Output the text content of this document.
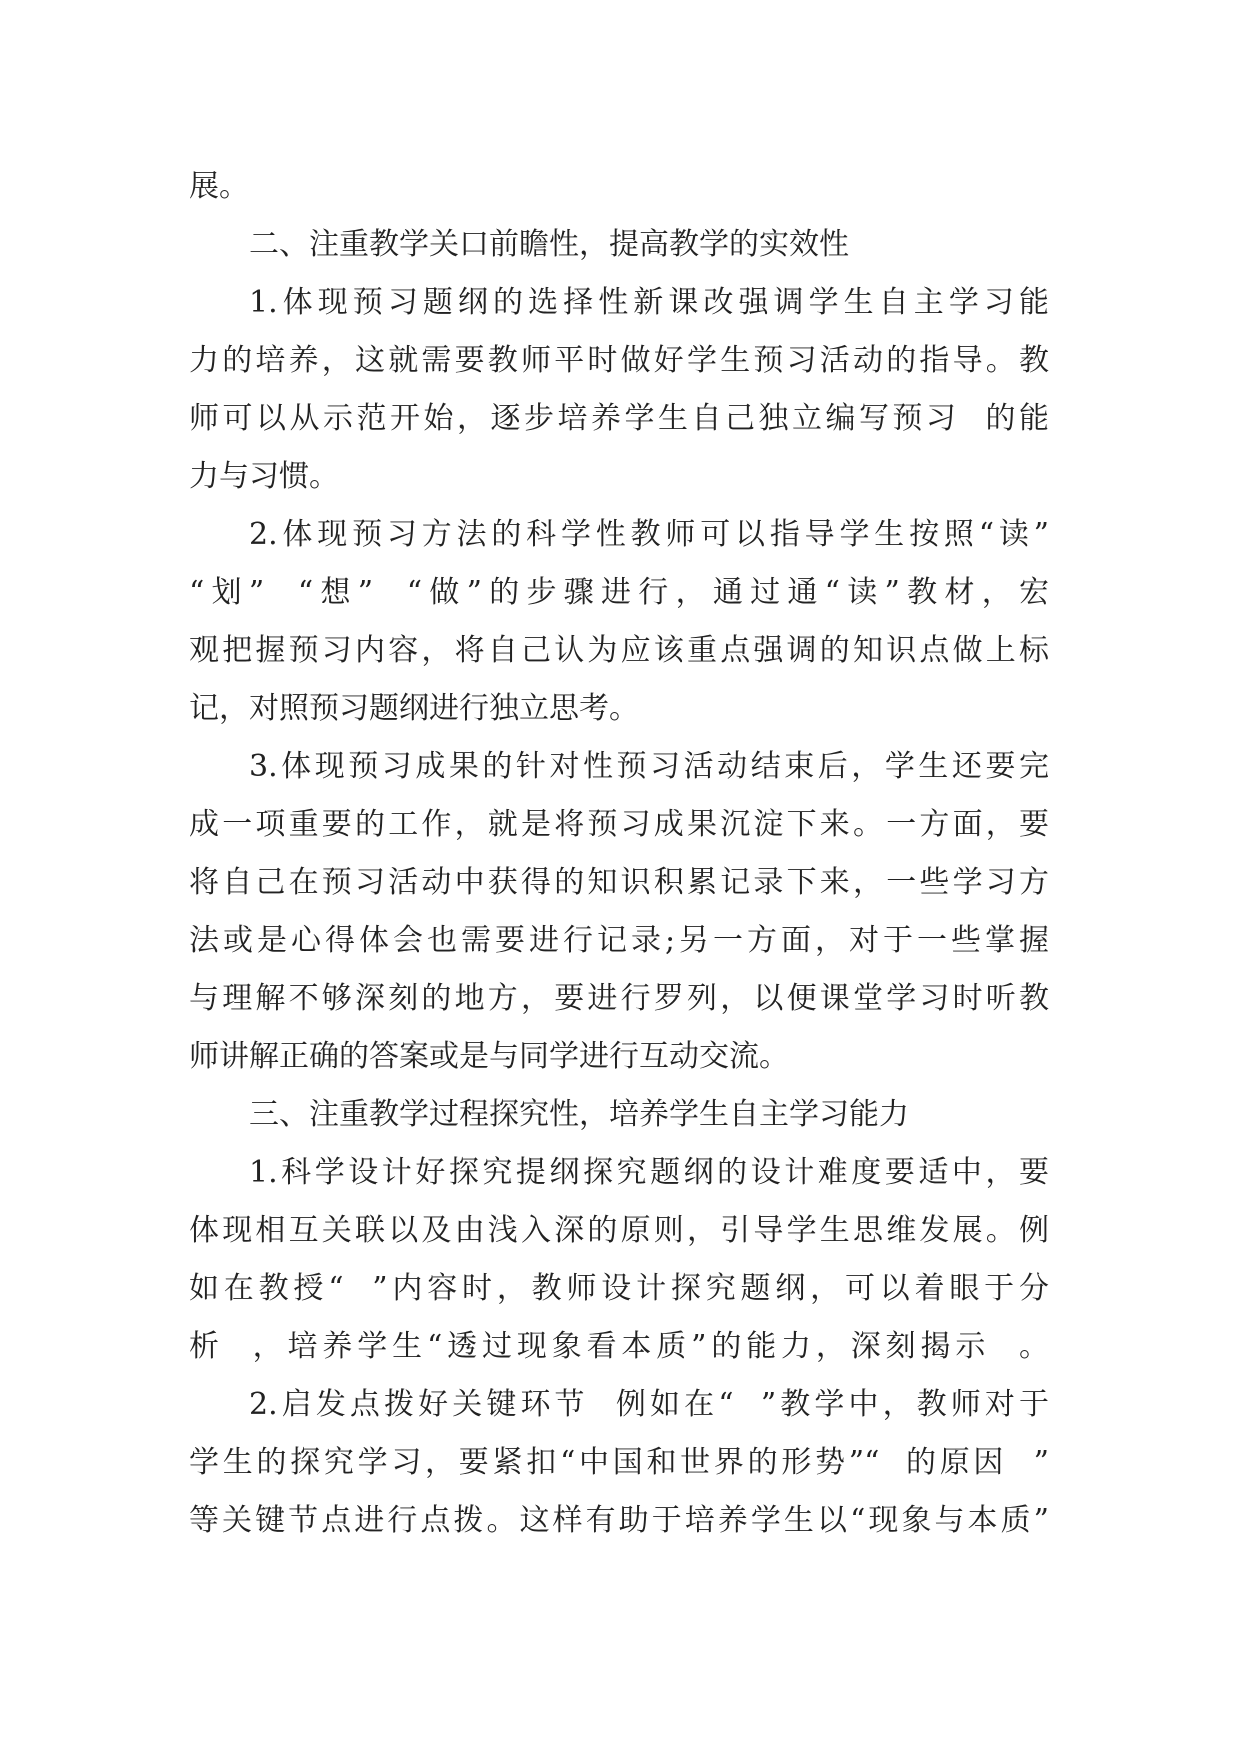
展。
二、注重教学关口前瞻性，提高教学的实效性
1.体现预习题纲的选择性新课改强调学生自主学习能
力的培养，这就需要教师平时做好学生预习活动的指导。教
师可以从示范开始，逐步培养学生自己独立编写预习  的能
力与习惯。
2.体现预习方法的科学性教师可以指导学生按照“读”
“划”  “想”  “做”的步骤进行，通过通“读”教材，宏
观把握预习内容，将自己认为应该重点强调的知识点做上标
记，对照预习题纲进行独立思考。
3.体现预习成果的针对性预习活动结束后，学生还要完
成一项重要的工作，就是将预习成果沉淀下来。一方面，要
将自己在预习活动中获得的知识积累记录下来，一些学习方
法或是心得体会也需要进行记录;另一方面，对于一些掌握
与理解不够深刻的地方，要进行罗列，以便课堂学习时听教
师讲解正确的答案或是与同学进行互动交流。
三、注重教学过程探究性，培养学生自主学习能力
1.科学设计好探究提纲探究题纲的设计难度要适中，要
体现相互关联以及由浅入深的原则，引导学生思维发展。例
如在教授“  ”内容时，教师设计探究题纲，可以着眼于分
析  ，培养学生“透过现象看本质”的能力，深刻揭示  。
2.启发点拨好关键环节  例如在“  ”教学中，教师对于
学生的探究学习，要紧扣“中国和世界的形势”“  的原因  ”
等关键节点进行点拨。这样有助于培养学生以“现象与本质”
